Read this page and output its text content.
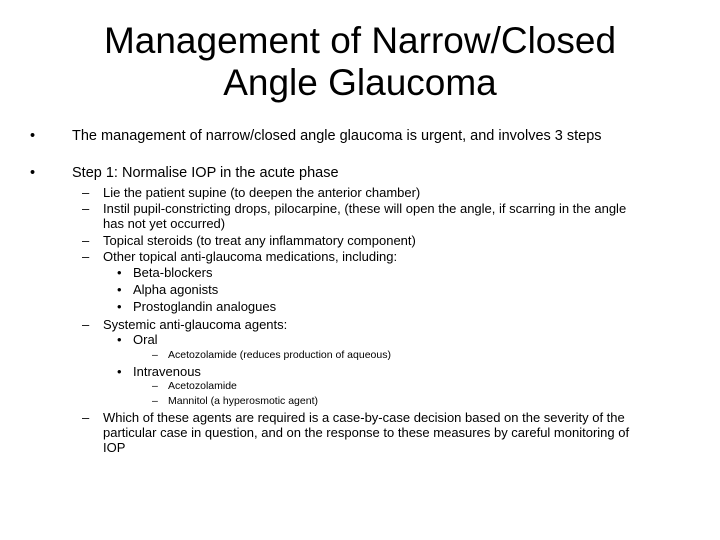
Management of Narrow/Closed
Angle Glaucoma
•	The management of narrow/closed angle glaucoma is urgent, and involves 3 steps
•	Step 1: Normalise IOP in the acute phase
– Lie the patient supine (to deepen the anterior chamber)
– Instil pupil-constricting drops, pilocarpine, (these will open the angle, if scarring in the angle
has not yet occurred)
– Topical steroids (to treat any inflammatory component)
– Other topical anti-glaucoma medications, including:
• Beta-blockers
• Alpha agonists
• Prostoglandin analogues
– Systemic anti-glaucoma agents:
• Oral
– Acetozolamide (reduces production of aqueous)
• Intravenous
– Acetozolamide
– Mannitol (a hyperosmotic agent)
– Which of these agents are required is a case-by-case decision based on the severity of the
particular case in question, and on the response to these measures by careful monitoring of
IOP
